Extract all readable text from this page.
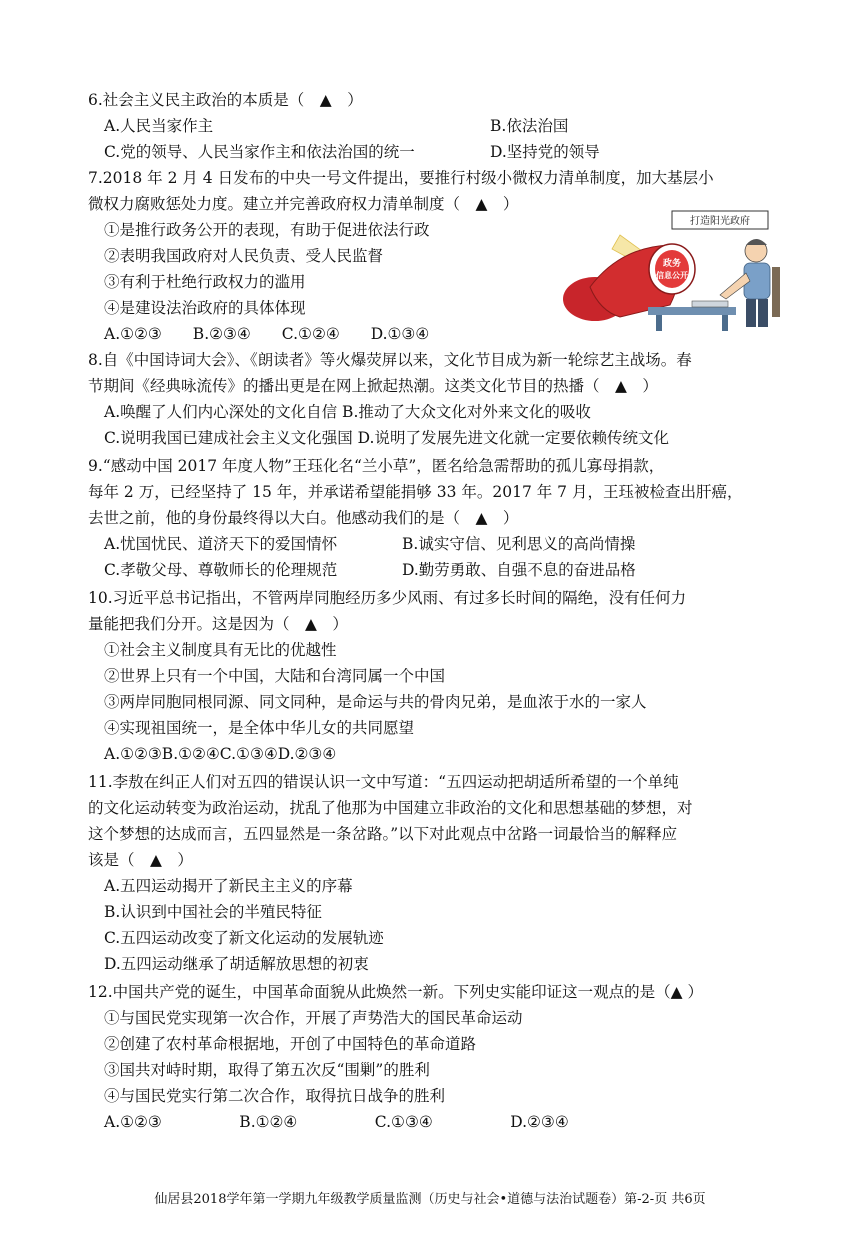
6.社会主义民主政治的本质是（　▲　）
A.人民当家作主	B.依法治国
C.党的领导、人民当家作主和依法治国的统一	D.坚持党的领导
7.2018 年 2 月 4 日发布的中央一号文件提出，要推行村级小微权力清单制度，加大基层小
微权力腐败惩处力度。建立并完善政府权力清单制度（　▲　）
①是推行政务公开的表现，有助于促进依法行政
②表明我国政府对人民负责、受人民监督
③有利于杜绝行政权力的滥用
④是建设法治政府的具体体现
A.①②③　　B.②③④　　C.①②④　　D.①③④
打造阳光政府
政务
信息公开
8.自《中国诗词大会》、《朗读者》等火爆荧屏以来，文化节目成为新一轮综艺主战场。春
节期间《经典咏流传》的播出更是在网上掀起热潮。这类文化节目的热播（　▲　）
A.唤醒了人们内心深处的文化自信 B.推动了大众文化对外来文化的吸收
C.说明我国已建成社会主义文化强国 D.说明了发展先进文化就一定要依赖传统文化
9.“感动中国 2017 年度人物”王珏化名“兰小草”，匿名给急需帮助的孤儿寡母捐款，
每年 2 万，已经坚持了 15 年，并承诺希望能捐够 33 年。2017 年 7 月，王珏被检查出肝癌，
去世之前，他的身份最终得以大白。他感动我们的是（　▲　）
A.忧国忧民、道济天下的爱国情怀	B.诚实守信、见利思义的高尚情操
C.孝敬父母、尊敬师长的伦理规范	D.勤劳勇敢、自强不息的奋进品格
10.习近平总书记指出，不管两岸同胞经历多少风雨、有过多长时间的隔绝，没有任何力
量能把我们分开。这是因为（　▲　）
①社会主义制度具有无比的优越性
②世界上只有一个中国，大陆和台湾同属一个中国
③两岸同胞同根同源、同文同种，是命运与共的骨肉兄弟，是血浓于水的一家人
④实现祖国统一，是全体中华儿女的共同愿望
A.①②③B.①②④C.①③④D.②③④
11.李敖在纠正人们对五四的错误认识一文中写道：“五四运动把胡适所希望的一个单纯
的文化运动转变为政治运动，扰乱了他那为中国建立非政治的文化和思想基础的梦想，对
这个梦想的达成而言，五四显然是一条岔路。”以下对此观点中岔路一词最恰当的解释应
该是（　▲　）
A.五四运动揭开了新民主主义的序幕
B.认识到中国社会的半殖民特征
C.五四运动改变了新文化运动的发展轨迹
D.五四运动继承了胡适解放思想的初衷
12.中国共产党的诞生，中国革命面貌从此焕然一新。下列史实能印证这一观点的是（▲ ）
①与国民党实现第一次合作，开展了声势浩大的国民革命运动
②创建了农村革命根据地，开创了中国特色的革命道路
③国共对峙时期，取得了第五次反“围剿”的胜利
④与国民党实行第二次合作，取得抗日战争的胜利
A.①②③　　　　　B.①②④　　　　　C.①③④　　　　　D.②③④
仙居县2018学年第一学期九年级教学质量监测（历史与社会•道德与法治试题卷）第-2-页 共6页
